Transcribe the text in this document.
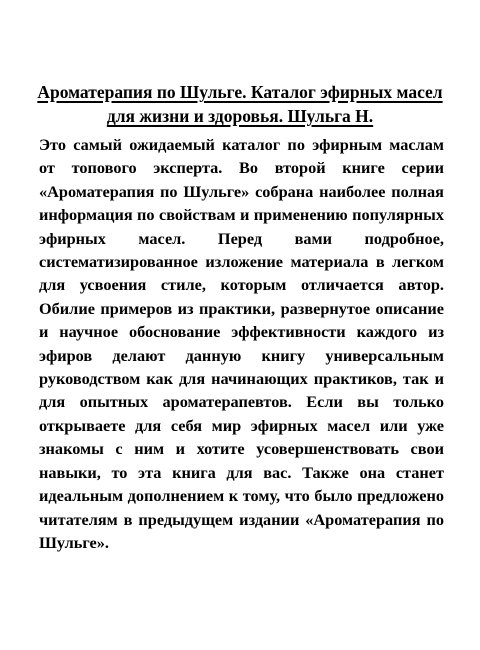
Ароматерапия по Шульге. Каталог эфирных масел для жизни и здоровья. Шульга Н.

Это самый ожидаемый каталог по эфирным маслам от топового эксперта. Во второй книге серии «Ароматерапия по Шульге» собрана наиболее полная информация по свойствам и применению популярных эфирных масел. Перед вами подробное, систематизированное изложение материала в легком для усвоения стиле, которым отличается автор. Обилие примеров из практики, развернутое описание и научное обоснование эффективности каждого из эфиров делают данную книгу универсальным руководством как для начинающих практиков, так и для опытных ароматерапевтов. Если вы только открываете для себя мир эфирных масел или уже знакомы с ним и хотите усовершенствовать свои навыки, то эта книга для вас. Также она станет идеальным дополнением к тому, что было предложено читателям в предыдущем издании «Ароматерапия по Шульге».
